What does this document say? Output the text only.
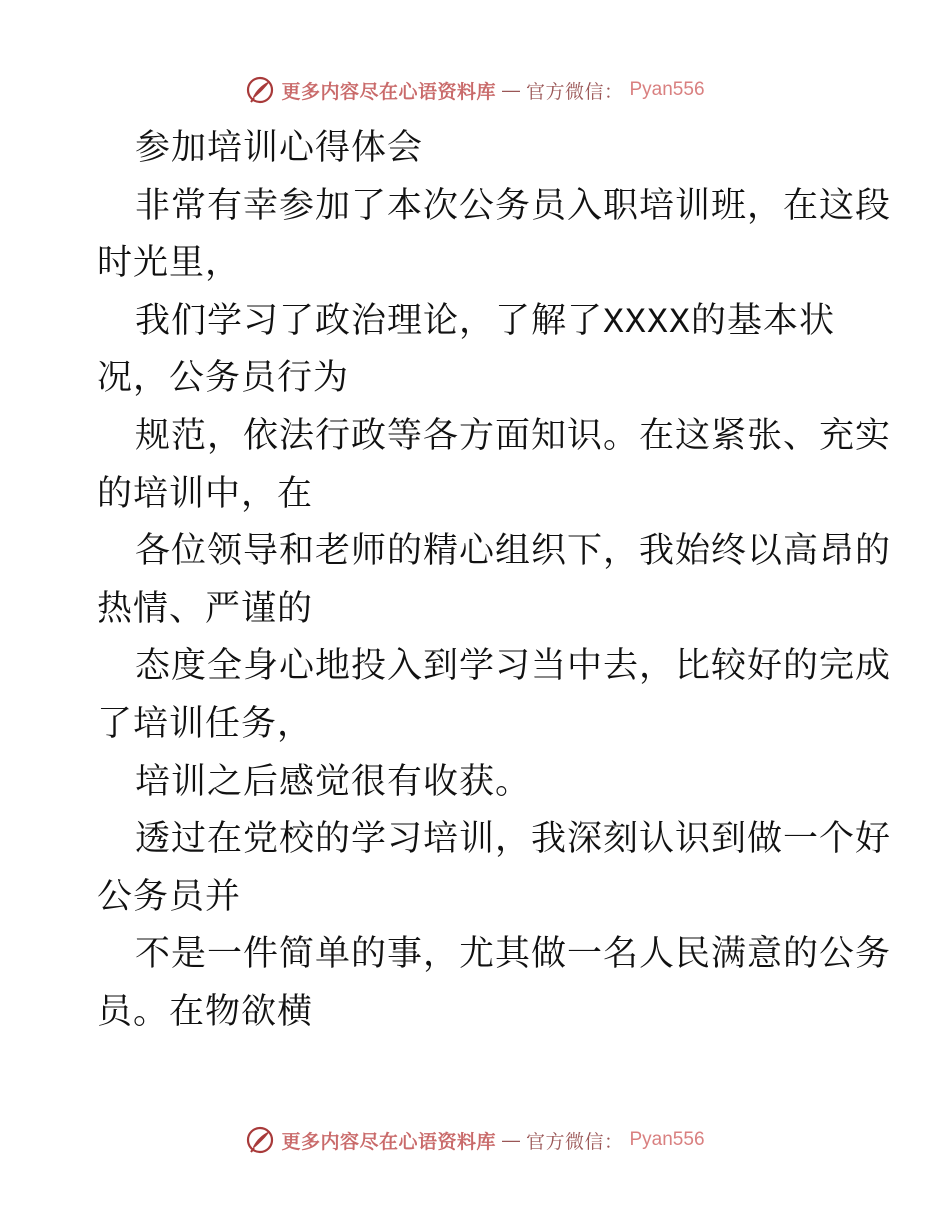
更多内容尽在心语资料库 — 官方微信： Pyan556
参加培训心得体会
非常有幸参加了本次公务员入职培训班，在这段
时光里，
我们学习了政治理论，了解了XXXX的基本状
况，公务员行为
规范，依法行政等各方面知识。在这紧张、充实
的培训中，在
各位领导和老师的精心组织下，我始终以高昂的
热情、严谨的
态度全身心地投入到学习当中去，比较好的完成
了培训任务，
培训之后感觉很有收获。
透过在党校的学习培训，我深刻认识到做一个好
公务员并
不是一件简单的事，尤其做一名人民满意的公务
员。在物欲横
更多内容尽在心语资料库 — 官方微信： Pyan556
